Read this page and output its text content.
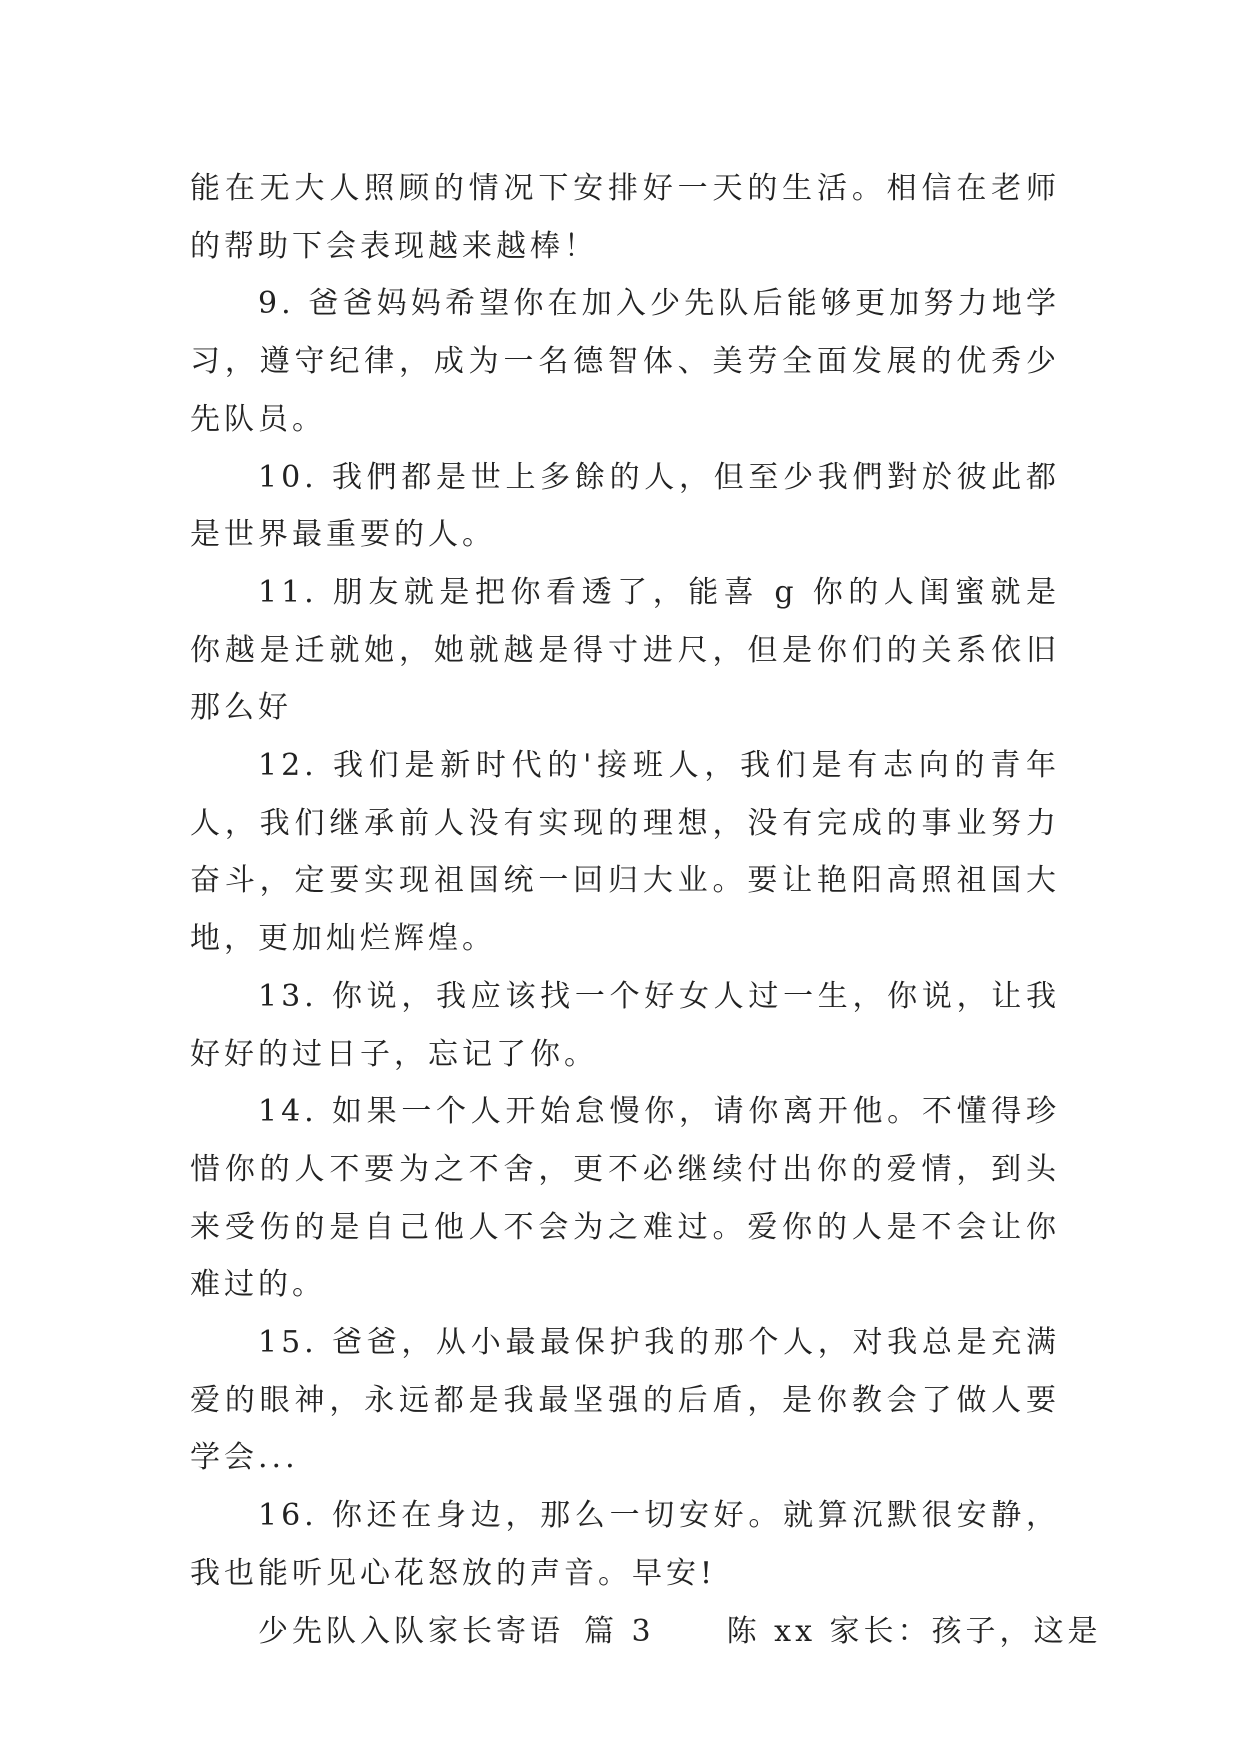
能在无大人照顾的情况下安排好一天的生活。相信在老师的帮助下会表现越来越棒！

9. 爸爸妈妈希望你在加入少先队后能够更加努力地学习，遵守纪律，成为一名德智体、美劳全面发展的优秀少先队员。

10. 我們都是世上多餘的人，但至少我們對於彼此都是世界最重要的人。

11. 朋友就是把你看透了，能喜 g 你的人闺蜜就是你越是迁就她，她就越是得寸进尺，但是你们的关系依旧那么好

12. 我们是新时代的'接班人，我们是有志向的青年人，我们继承前人没有实现的理想，没有完成的事业努力奋斗，定要实现祖国统一回归大业。要让艳阳高照祖国大地，更加灿烂辉煌。

13. 你说，我应该找一个好女人过一生，你说，让我好好的过日子，忘记了你。

14. 如果一个人开始怠慢你，请你离开他。不懂得珍惜你的人不要为之不舍，更不必继续付出你的爱情，到头来受伤的是自己他人不会为之难过。爱你的人是不会让你难过的。

15. 爸爸，从小最最保护我的那个人，对我总是充满爱的眼神，永远都是我最坚强的后盾，是你教会了做人要学会...

16. 你还在身边，那么一切安好。就算沉默很安静，我也能听见心花怒放的声音。早安!

少先队入队家长寄语 篇 3 陈 xx 家长：孩子，这是
